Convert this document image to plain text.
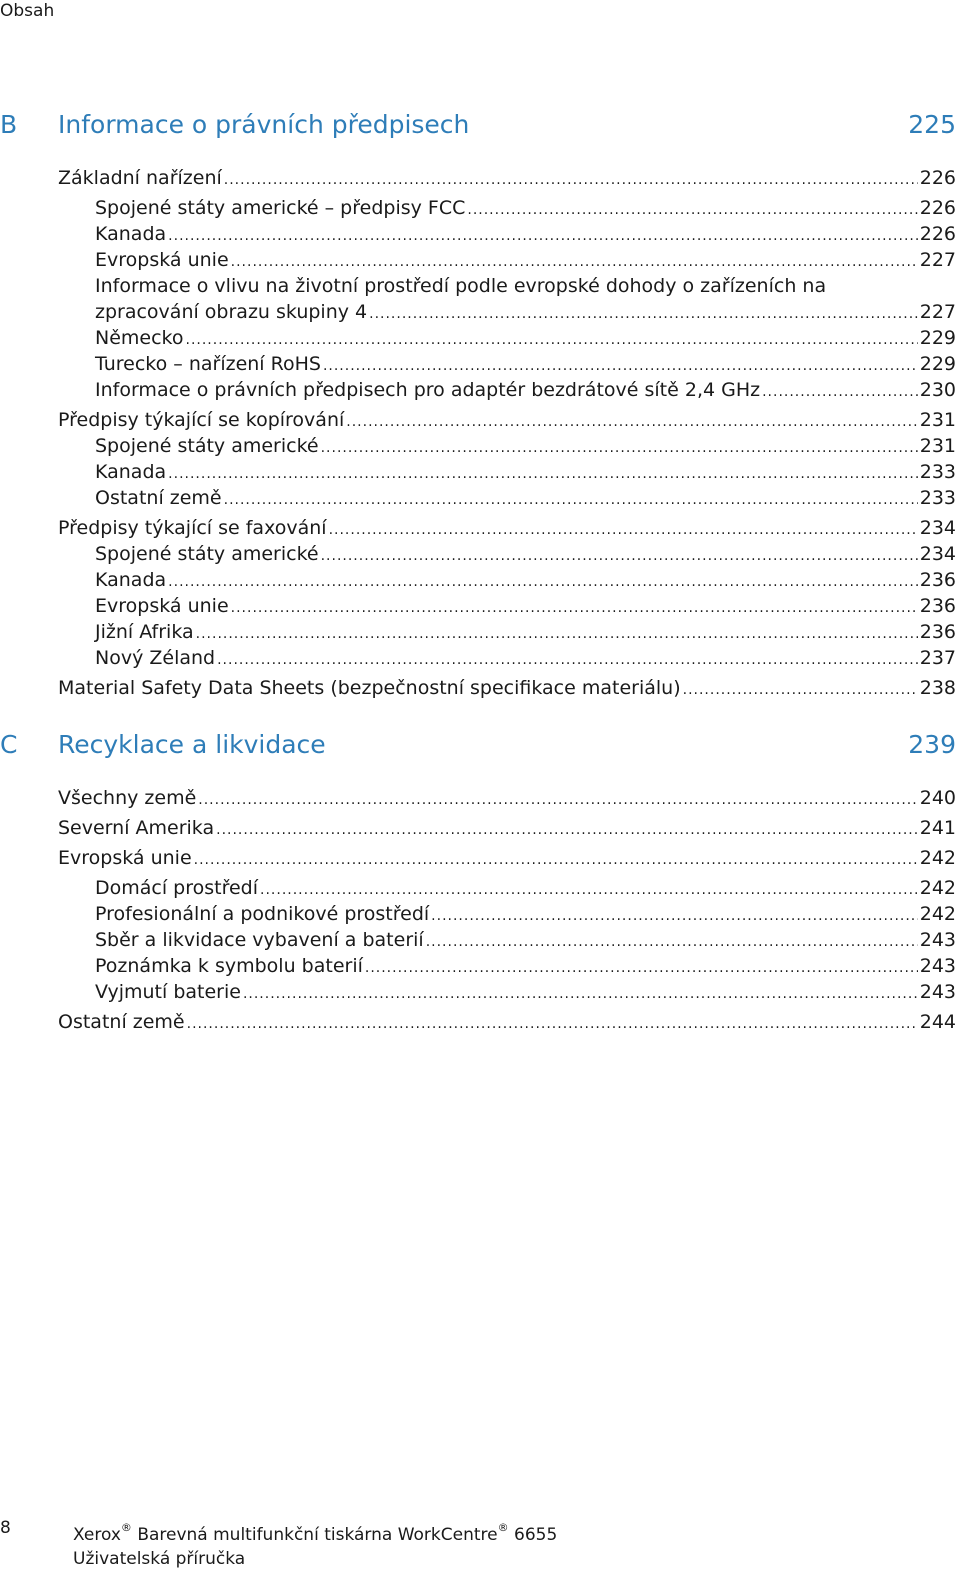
Obsah
B Informace o právních předpisech	225
Základní nařízení .....	226
Spojené státy americké – předpisy FCC .....	226
Kanada .....	226
Evropská unie .....	227
Informace o vlivu na životní prostředí podle evropské dohody o zařízeních na
zpracování obrazu skupiny 4 .....	227
Německo .....	229
Turecko – nařízení RoHS .....	229
Informace o právních předpisech pro adaptér bezdrátové sítě 2,4 GHz .....	230
Předpisy týkající se kopírování .....	231
Spojené státy americké .....	231
Kanada .....	233
Ostatní země .....	233
Předpisy týkající se faxování .....	234
Spojené státy americké .....	234
Kanada .....	236
Evropská unie .....	236
Jižní Afrika .....	236
Nový Zéland .....	237
Material Safety Data Sheets (bezpečnostní specifikace materiálu) .....	238
C Recyklace a likvidace	239
Všechny země .....	240
Severní Amerika .....	241
Evropská unie .....	242
Domácí prostředí .....	242
Profesionální a podnikové prostředí .....	242
Sběr a likvidace vybavení a baterií .....	243
Poznámka k symbolu baterií .....	243
Vyjmutí baterie .....	243
Ostatní země .....	244
8	Xerox® Barevná multifunkční tiskárna WorkCentre® 6655
Uživatelská příručka
